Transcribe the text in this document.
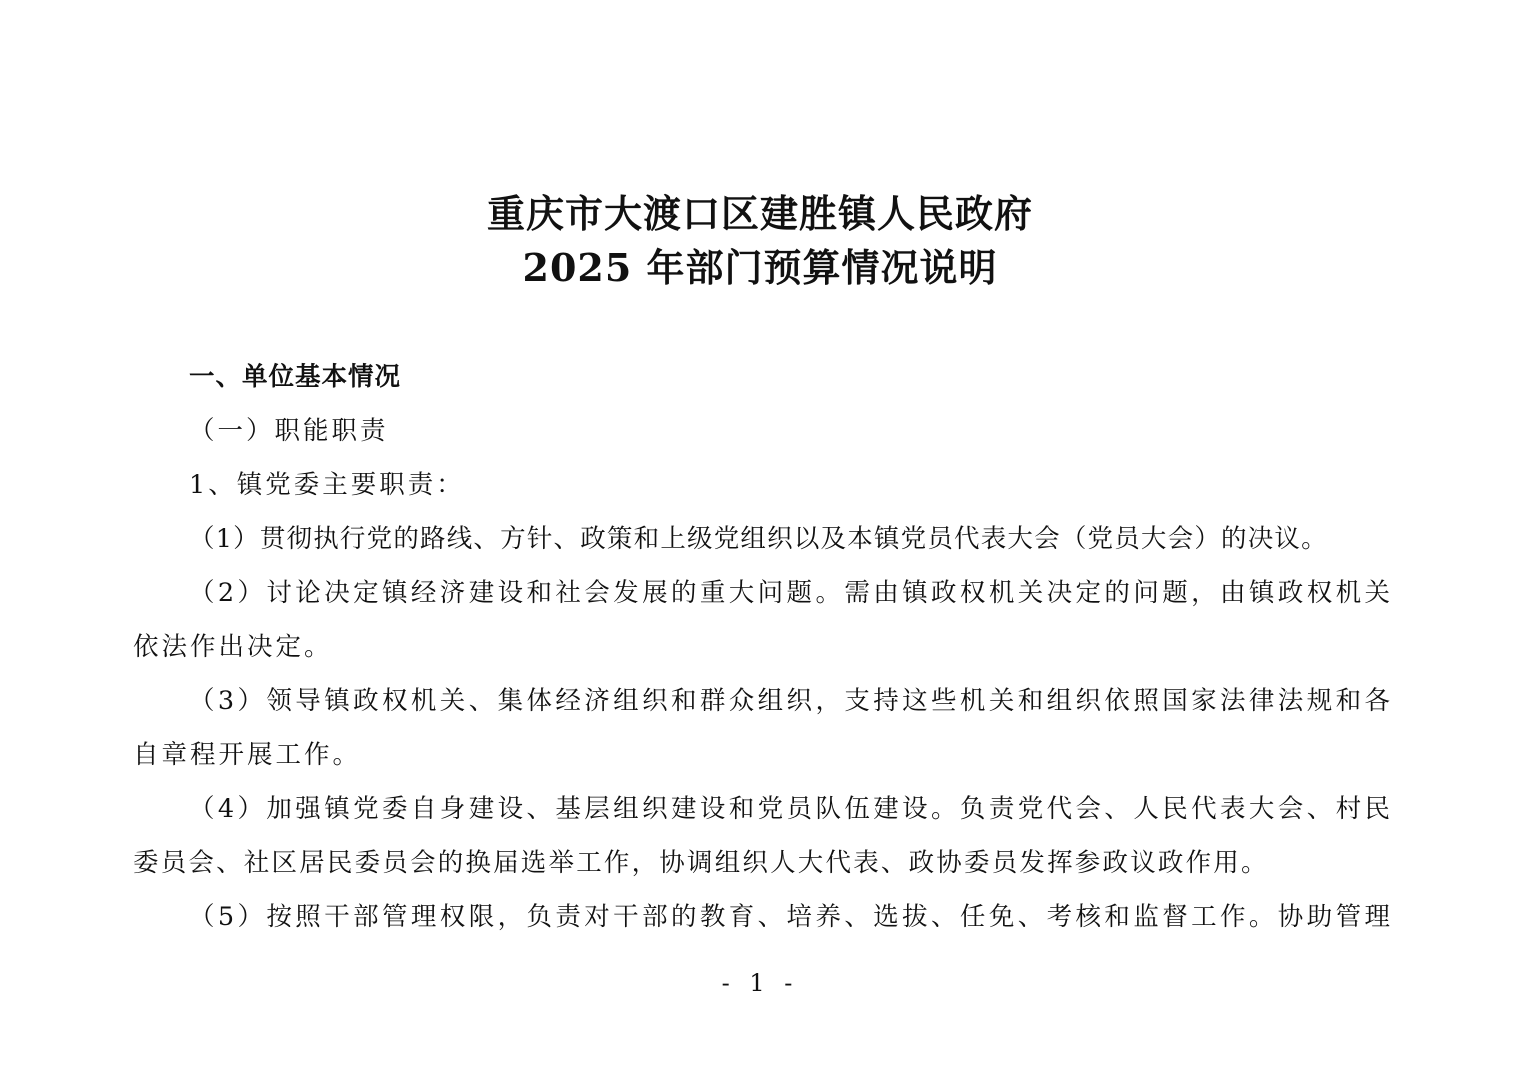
重庆市大渡口区建胜镇人民政府
2025 年部门预算情况说明
一、单位基本情况
（一）职能职责
1、镇党委主要职责：
（1）贯彻执行党的路线、方针、政策和上级党组织以及本镇党员代表大会（党员大会）的决议。
（2）讨论决定镇经济建设和社会发展的重大问题。需由镇政权机关决定的问题，由镇政权机关
依法作出决定。
（3）领导镇政权机关、集体经济组织和群众组织，支持这些机关和组织依照国家法律法规和各
自章程开展工作。
（4）加强镇党委自身建设、基层组织建设和党员队伍建设。负责党代会、人民代表大会、村民
委员会、社区居民委员会的换届选举工作，协调组织人大代表、政协委员发挥参政议政作用。
（5）按照干部管理权限，负责对干部的教育、培养、选拔、任免、考核和监督工作。协助管理
- 1 -
